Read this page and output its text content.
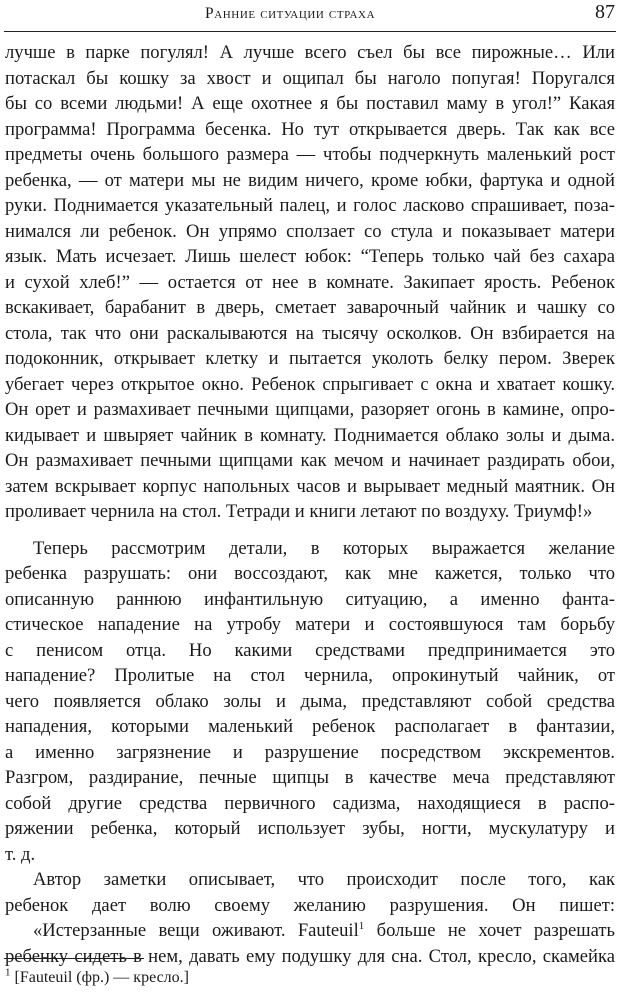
Ранние ситуации страха	87
лучше в парке погулял! А лучше всего съел бы все пирожные… Или
потаскал бы кошку за хвост и ощипал бы наголо попугая! Поругался
бы со всеми людьми! А еще охотнее я бы поставил маму в угол!” Какая
программа! Программа бесенка. Но тут открывается дверь. Так как все
предметы очень большого размера — чтобы подчеркнуть маленький рост
ребенка, — от матери мы не видим ничего, кроме юбки, фартука и одной
руки. Поднимается указательный палец, и голос ласково спрашивает, поза-
нимался ли ребенок. Он упрямо сползает со стула и показывает матери
язык. Мать исчезает. Лишь шелест юбок: “Теперь только чай без сахара
и сухой хлеб!” — остается от нее в комнате. Закипает ярость. Ребенок
вскакивает, барабанит в дверь, сметает заварочный чайник и чашку со
стола, так что они раскалываются на тысячу осколков. Он взбирается на
подоконник, открывает клетку и пытается уколоть белку пером. Зверек
убегает через открытое окно. Ребенок спрыгивает с окна и хватает кошку.
Он орет и размахивает печными щипцами, разоряет огонь в камине, опро-
кидывает и швыряет чайник в комнату. Поднимается облако золы и дыма.
Он размахивает печными щипцами как мечом и начинает раздирать обои,
затем вскрывает корпус напольных часов и вырывает медный маятник. Он
проливает чернила на стол. Тетради и книги летают по воздуху. Триумф!»
Теперь рассмотрим детали, в которых выражается желание
ребенка разрушать: они воссоздают, как мне кажется, только что
описанную раннюю инфантильную ситуацию, а именно фанта-
стическое нападение на утробу матери и состоявшуюся там борьбу
с пенисом отца. Но какими средствами предпринимается это
нападение? Пролитые на стол чернила, опрокинутый чайник, от
чего появляется облако золы и дыма, представляют собой средства
нападения, которыми маленький ребенок располагает в фантазии,
а именно загрязнение и разрушение посредством экскрементов.
Разгром, раздирание, печные щипцы в качестве меча представляют
собой другие средства первичного садизма, находящиеся в распо-
ряжении ребенка, который использует зубы, ногти, мускулатуру и
т. д.
Автор заметки описывает, что происходит после того, как
ребенок дает волю своему желанию разрушения. Он пишет:
«Истерзанные вещи оживают. Fauteuil$^1$ больше не хочет разрешать
ребенку сидеть в нем, давать ему подушку для сна. Стол, кресло, скамейка
$^1$ [Fauteuil (фр.) — кресло.]
